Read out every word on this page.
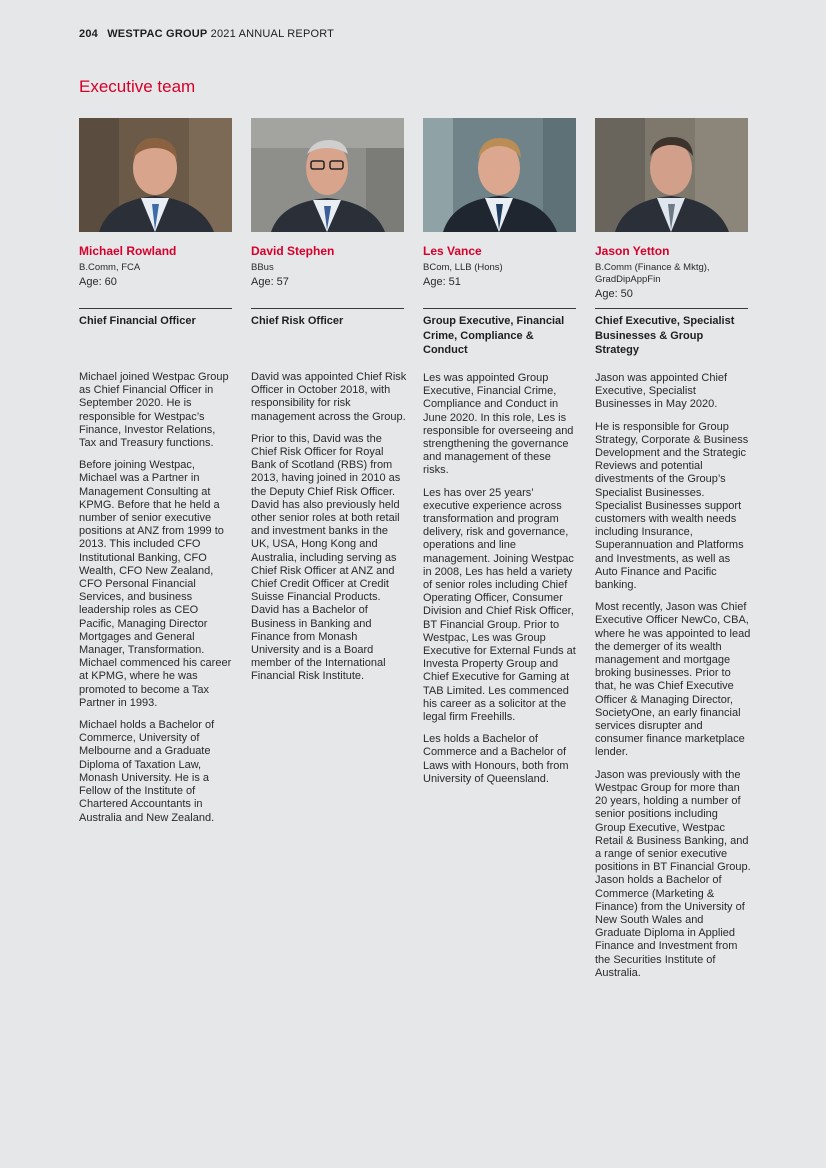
204 WESTPAC GROUP 2021 ANNUAL REPORT
Executive team
Michael Rowland
B.Comm, FCA
Age: 60
Chief Financial Officer

Michael joined Westpac Group as Chief Financial Officer in September 2020. He is responsible for Westpac’s Finance, Investor Relations, Tax and Treasury functions.

Before joining Westpac, Michael was a Partner in Management Consulting at KPMG. Before that he held a number of senior executive positions at ANZ from 1999 to 2013. This included CFO Institutional Banking, CFO Wealth, CFO New Zealand, CFO Personal Financial Services, and business leadership roles as CEO Pacific, Managing Director Mortgages and General Manager, Transformation. Michael commenced his career at KPMG, where he was promoted to become a Tax Partner in 1993.

Michael holds a Bachelor of Commerce, University of Melbourne and a Graduate Diploma of Taxation Law, Monash University. He is a Fellow of the Institute of Chartered Accountants in Australia and New Zealand.

David Stephen
BBus
Age: 57
Chief Risk Officer

David was appointed Chief Risk Officer in October 2018, with responsibility for risk management across the Group.

Prior to this, David was the Chief Risk Officer for Royal Bank of Scotland (RBS) from 2013, having joined in 2010 as the Deputy Chief Risk Officer. David has also previously held other senior roles at both retail and investment banks in the UK, USA, Hong Kong and Australia, including serving as Chief Risk Officer at ANZ and Chief Credit Officer at Credit Suisse Financial Products. David has a Bachelor of Business in Banking and Finance from Monash University and is a Board member of the International Financial Risk Institute.

Les Vance
BCom, LLB (Hons)
Age: 51
Group Executive, Financial Crime, Compliance & Conduct

Les was appointed Group Executive, Financial Crime, Compliance and Conduct in June 2020. In this role, Les is responsible for overseeing and strengthening the governance and management of these risks.

Les has over 25 years’ executive experience across transformation and program delivery, risk and governance, operations and line management. Joining Westpac in 2008, Les has held a variety of senior roles including Chief Operating Officer, Consumer Division and Chief Risk Officer, BT Financial Group. Prior to Westpac, Les was Group Executive for External Funds at Investa Property Group and Chief Executive for Gaming at TAB Limited. Les commenced his career as a solicitor at the legal firm Freehills.

Les holds a Bachelor of Commerce and a Bachelor of Laws with Honours, both from University of Queensland.

Jason Yetton
B.Comm (Finance & Mktg), GradDipAppFin
Age: 50
Chief Executive, Specialist Businesses & Group Strategy

Jason was appointed Chief Executive, Specialist Businesses in May 2020.

He is responsible for Group Strategy, Corporate & Business Development and the Strategic Reviews and potential divestments of the Group’s Specialist Businesses. Specialist Businesses support customers with wealth needs including Insurance, Superannuation and Platforms and Investments, as well as Auto Finance and Pacific banking.

Most recently, Jason was Chief Executive Officer NewCo, CBA, where he was appointed to lead the demerger of its wealth management and mortgage broking businesses. Prior to that, he was Chief Executive Officer & Managing Director, SocietyOne, an early financial services disrupter and consumer finance marketplace lender.

Jason was previously with the Westpac Group for more than 20 years, holding a number of senior positions including Group Executive, Westpac Retail & Business Banking, and a range of senior executive positions in BT Financial Group. Jason holds a Bachelor of Commerce (Marketing & Finance) from the University of New South Wales and Graduate Diploma in Applied Finance and Investment from the Securities Institute of Australia.
